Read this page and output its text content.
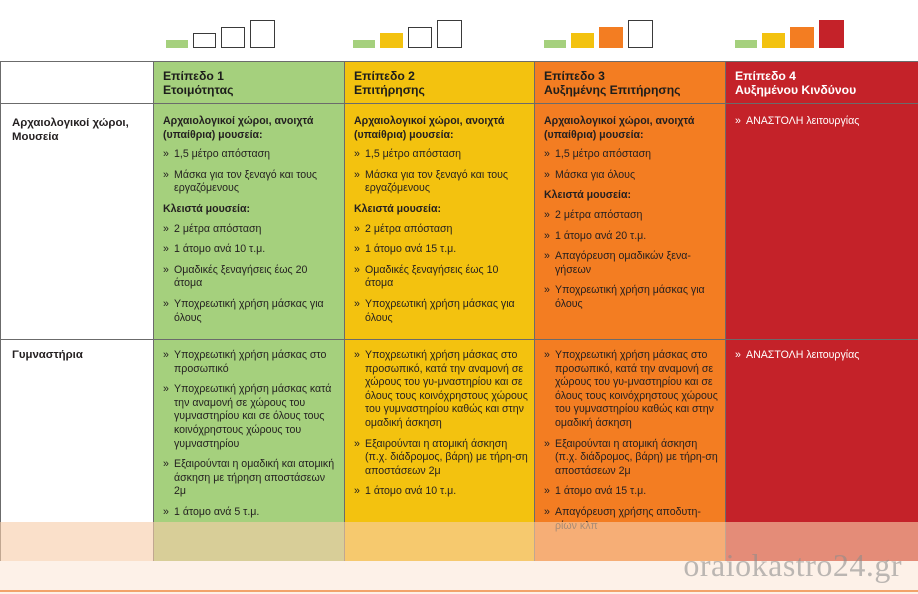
Επίπεδο 1
Ετοιμότητας
Επίπεδο 2
Επιτήρησης
Επίπεδο 3
Αυξημένης Επιτήρησης
Επίπεδο 4
Αυξημένου Κινδύνου
Αρχαιολογικοί χώροι, Μουσεία
Γυμναστήρια
Αρχαιολογικοί χώροι, ανοιχτά (υπαίθρια) μουσεία:
» 1,5 μέτρο απόσταση
» Μάσκα για τον ξεναγό και τους εργαζόμενους
Κλειστά μουσεία:
» 2 μέτρα απόσταση
» 1 άτομο ανά 10 τ.μ.
» Ομαδικές ξεναγήσεις έως 20 άτομα
» Υποχρεωτική χρήση μάσκας για όλους
Αρχαιολογικοί χώροι, ανοιχτά (υπαίθρια) μουσεία:
» 1,5 μέτρο απόσταση
» Μάσκα για τον ξεναγό και τους εργαζόμενους
Κλειστά μουσεία:
» 2 μέτρα απόσταση
» 1 άτομο ανά 15 τ.μ.
» Ομαδικές ξεναγήσεις έως 10 άτομα
» Υποχρεωτική χρήση μάσκας για όλους
Αρχαιολογικοί χώροι, ανοιχτά (υπαίθρια) μουσεία:
» 1,5 μέτρο απόσταση
» Μάσκα για όλους
Κλειστά μουσεία:
» 2 μέτρα απόσταση
» 1 άτομο ανά 20 τ.μ.
» Απαγόρευση ομαδικών ξενα-γήσεων
» Υποχρεωτική χρήση μάσκας για όλους
» ΑΝΑΣΤΟΛΗ λειτουργίας
» Υποχρεωτική χρήση μάσκας στο προσωπικό
» Υποχρεωτική χρήση μάσκας κατά την αναμονή σε χώρους του γυμναστηρίου και σε όλους τους κοινόχρηστους χώρους του γυμναστηρίου
» Εξαιρούνται η ομαδική και ατομική άσκηση με τήρηση αποστάσεων 2μ
» 1 άτομο ανά 5 τ.μ.
» Υποχρεωτική χρήση μάσκας στο προσωπικό, κατά την αναμονή σε χώρους του γυ-μναστηρίου και σε όλους τους κοινόχρηστους χώρους του γυμναστηρίου καθώς και στην ομαδική άσκηση
» Εξαιρούνται η ατομική άσκηση (π.χ. διάδρομος, βάρη) με τήρη-ση αποστάσεων 2μ
» 1 άτομο ανά 10 τ.μ.
» Υποχρεωτική χρήση μάσκας στο προσωπικό, κατά την αναμονή σε χώρους του γυ-μναστηρίου και σε όλους τους κοινόχρηστους χώρους του γυμναστηρίου καθώς και στην ομαδική άσκηση
» Εξαιρούνται η ατομική άσκηση (π.χ. διάδρομος, βάρη) με τήρη-ση αποστάσεων 2μ
» 1 άτομο ανά 15 τ.μ.
» Απαγόρευση χρήσης αποδυτη-
» ΑΝΑΣΤΟΛΗ λειτουργίας
oraiokastro24.gr
